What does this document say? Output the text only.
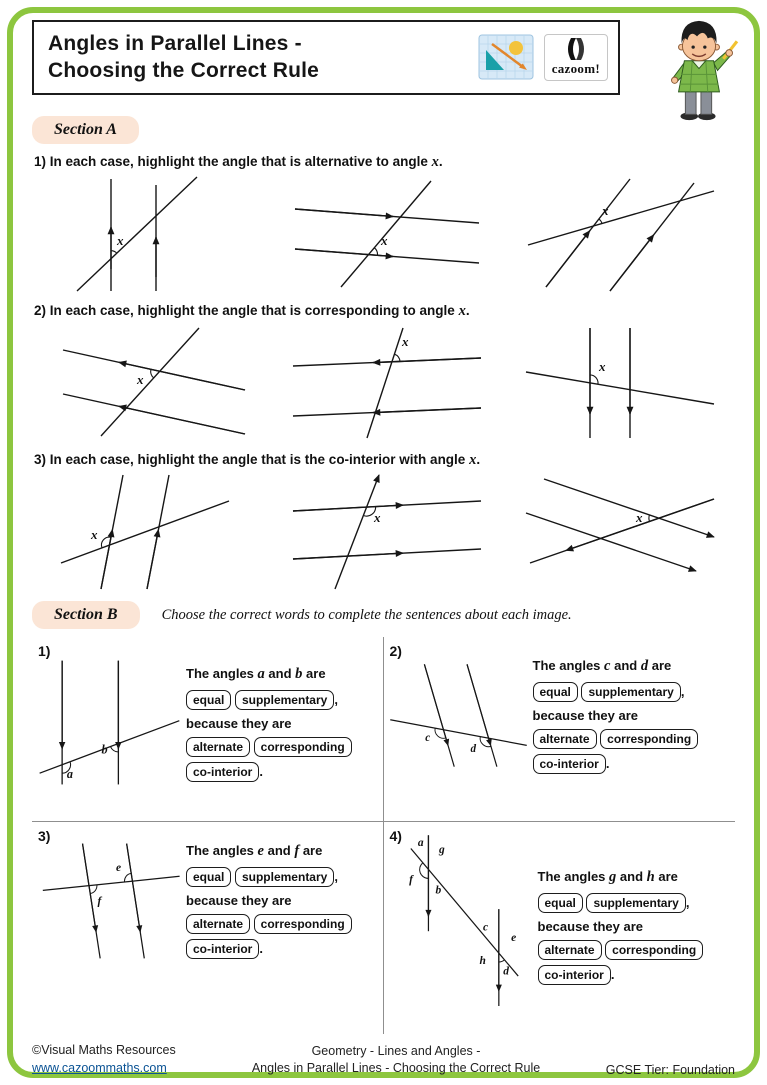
Angles in Parallel Lines -
Choosing the Correct Rule	cazoom!
Section A
1) In each case, highlight the angle that is alternative to angle x.
x	x
x
2) In each case, highlight the angle that is corresponding to angle x.
x
x
x
3) In each case, highlight the angle that is the co-interior with angle x.
x
x	x
Section B	Choose the correct words to complete the sentences about each image.
1)
a
b
The angles a and b are
equal supplementary ,
because they are
alternate corresponding
co-interior .
2)
c
d
The angles c and d are
equal supplementary ,
because they are
alternate corresponding
co-interior .
3)
e
f
The angles e and f are
equal supplementary ,
because they are
alternate corresponding
co-interior .
4) a
g
f
b
c
e
h
d
The angles g and h are
equal supplementary ,
because they are
alternate corresponding
co-interior .
©Visual Maths Resources
www.cazoommaths.com
Geometry - Lines and Angles -
Angles in Parallel Lines - Choosing the Correct Rule	GCSE Tier: Foundation
